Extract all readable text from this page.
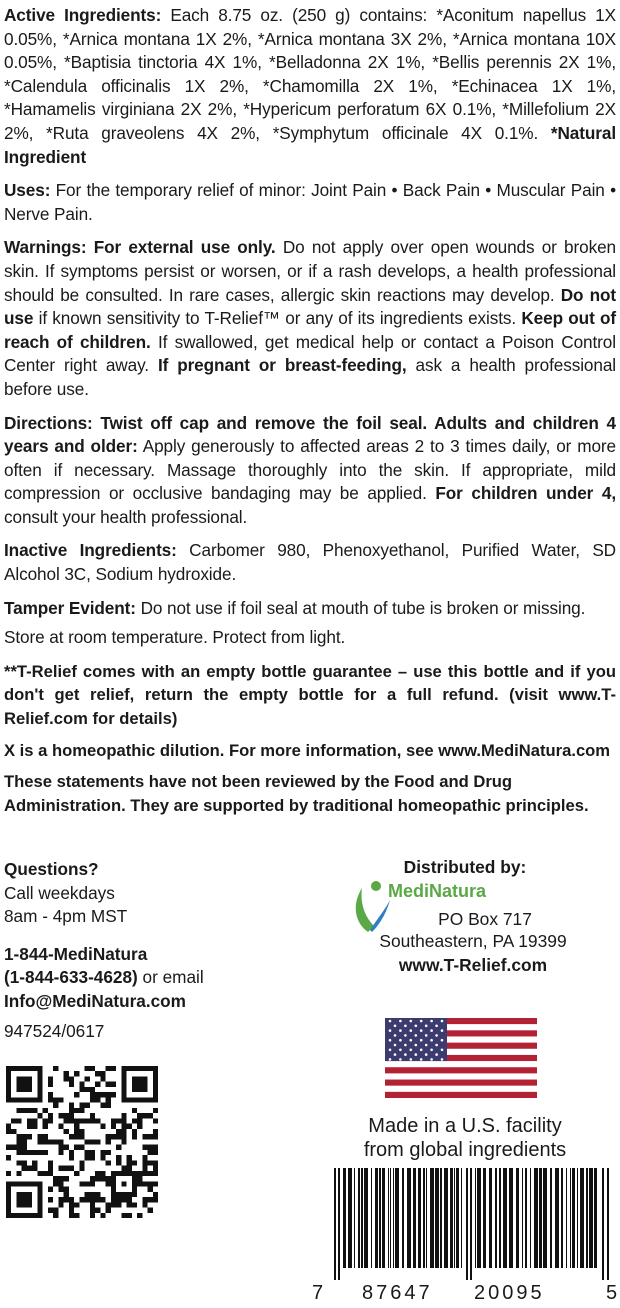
Active Ingredients: Each 8.75 oz. (250 g) contains: *Aconitum napellus 1X 0.05%, *Arnica montana 1X 2%, *Arnica montana 3X 2%, *Arnica montana 10X 0.05%, *Baptisia tinctoria 4X 1%, *Belladonna 2X 1%, *Bellis perennis 2X 1%, *Calendula officinalis 1X 2%, *Chamomilla 2X 1%, *Echinacea 1X 1%, *Hamamelis virginiana 2X 2%, *Hypericum perforatum 6X 0.1%, *Millefolium 2X 2%, *Ruta graveolens 4X 2%, *Symphytum officinale 4X 0.1%. *Natural Ingredient

Uses: For the temporary relief of minor: Joint Pain • Back Pain • Muscular Pain • Nerve Pain.

Warnings: For external use only. Do not apply over open wounds or broken skin. If symptoms persist or worsen, or if a rash develops, a health professional should be consulted. In rare cases, allergic skin reactions may develop. Do not use if known sensitivity to T-Relief™ or any of its ingredients exists. Keep out of reach of children. If swallowed, get medical help or contact a Poison Control Center right away. If pregnant or breast-feeding, ask a health professional before use.

Directions: Twist off cap and remove the foil seal. Adults and children 4 years and older: Apply generously to affected areas 2 to 3 times daily, or more often if necessary. Massage thoroughly into the skin. If appropriate, mild compression or occlusive bandaging may be applied. For children under 4, consult your health professional.

Inactive Ingredients: Carbomer 980, Phenoxyethanol, Purified Water, SD Alcohol 3C, Sodium hydroxide.

Tamper Evident: Do not use if foil seal at mouth of tube is broken or missing.

Store at room temperature. Protect from light.

**T-Relief comes with an empty bottle guarantee – use this bottle and if you don't get relief, return the empty bottle for a full refund. (visit www.T-Relief.com for details)

X is a homeopathic dilution. For more information, see www.MediNatura.com

These statements have not been reviewed by the Food and Drug Administration. They are supported by traditional homeopathic principles.

Questions?
Call weekdays
8am - 4pm MST
1-844-MediNatura
(1-844-633-4628) or email
Info@MediNatura.com
947524/0617
Distributed by:
MediNatura
PO Box 717
Southeastern, PA 19399
www.T-Relief.com
Made in a U.S. facility
from global ingredients
7 87647 20095	5
